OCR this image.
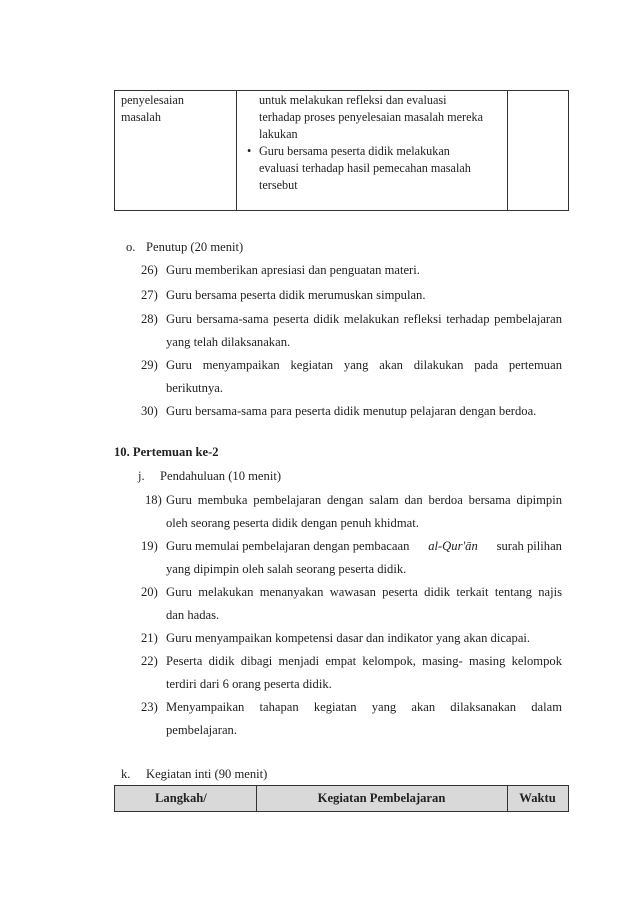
penyelesaian
masalah
untuk melakukan refleksi dan evaluasi
terhadap proses penyelesaian masalah mereka
lakukan
• Guru bersama peserta didik melakukan
evaluasi terhadap hasil pemecahan masalah
tersebut
o. Penutup (20 menit)
26) Guru memberikan apresiasi dan penguatan materi.
27) Guru bersama peserta didik merumuskan simpulan.
28) Guru bersama-sama peserta didik melakukan refleksi terhadap pembelajaran
yang telah dilaksanakan.
29) Guru menyampaikan kegiatan yang akan dilakukan pada pertemuan
berikutnya.
30) Guru bersama-sama para peserta didik menutup pelajaran dengan berdoa.
10. Pertemuan ke-2
j. Pendahuluan (10 menit)
18) Guru membuka pembelajaran dengan salam dan berdoa bersama dipimpin
oleh seorang peserta didik dengan penuh khidmat.
19) Guru memulai pembelajaran dengan pembacaan al-Qur'ān surah pilihan
yang dipimpin oleh salah seorang peserta didik.
20) Guru melakukan menanyakan wawasan peserta didik terkait tentang najis
dan hadas.
21) Guru menyampaikan kompetensi dasar dan indikator yang akan dicapai.
22) Peserta didik dibagi menjadi empat kelompok, masing- masing kelompok
terdiri dari 6 orang peserta didik.
23) Menyampaikan tahapan kegiatan yang akan dilaksanakan dalam
pembelajaran.
k. Kegiatan inti (90 menit)
Langkah/	Kegiatan Pembelajaran	Waktu
